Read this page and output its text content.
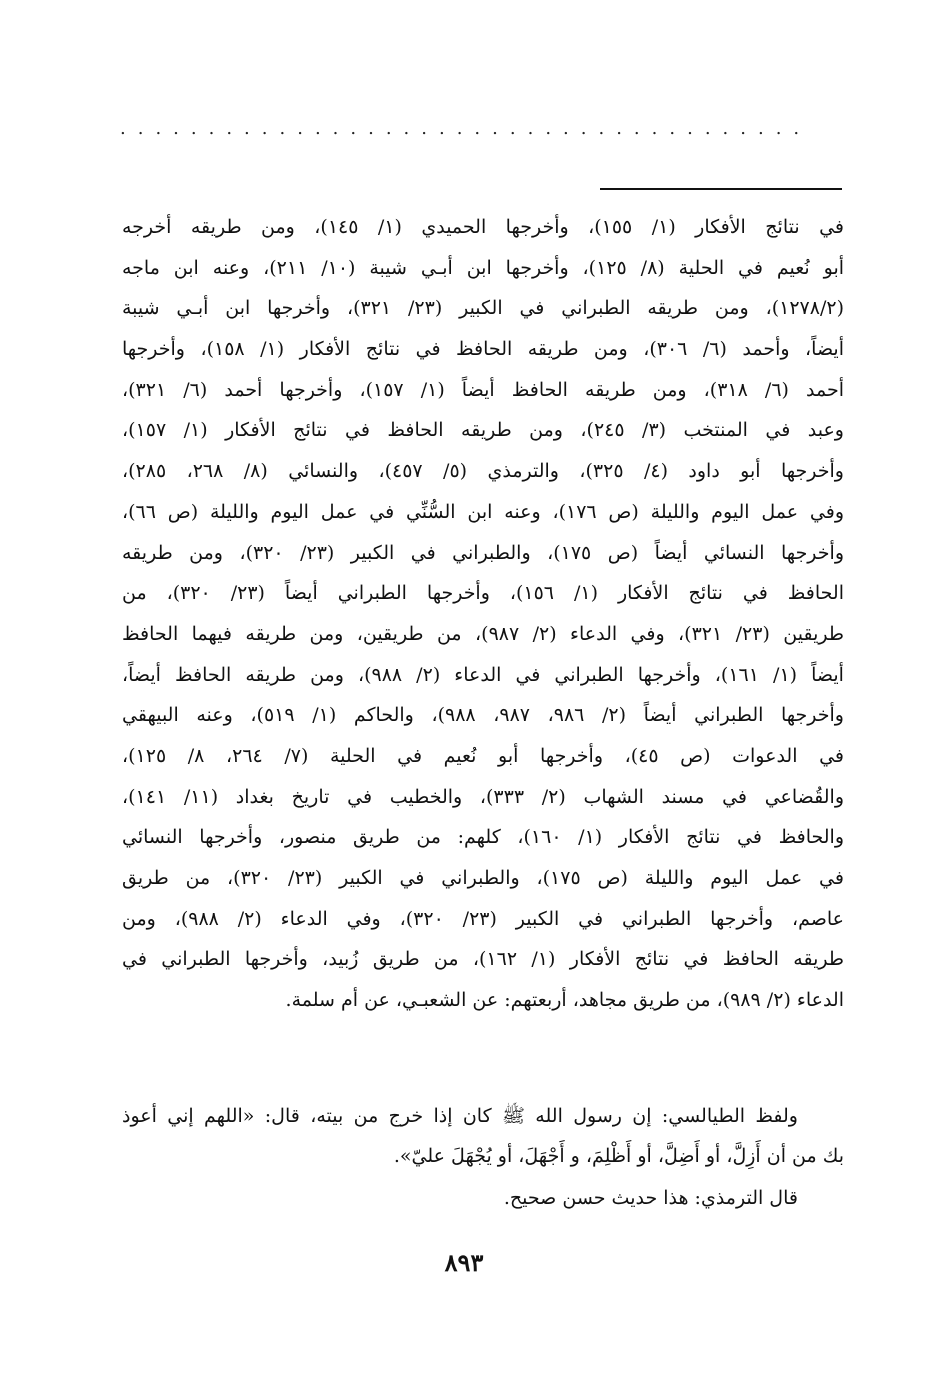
.......................................
في نتائج الأفكار (١/ ١٥٥)، وأخرجها الحميدي (١/ ١٤٥)، ومن طريقه أخرجه
أبو نُعيم في الحلية (٨/ ١٢٥)، وأخرجها ابن أبـي شيبة (١٠/ ٢١١)، وعنه ابن ماجه
(١٢٧٨/٢)، ومن طريقه الطبراني في الكبير (٢٣/ ٣٢١)، وأخرجها ابن أبـي شيبة
أيضاً، وأحمد (٦/ ٣٠٦)، ومن طريقه الحافظ في نتائج الأفكار (١/ ١٥٨)، وأخرجها
أحمد (٦/ ٣١٨)، ومن طريقه الحافظ أيضاً (١/ ١٥٧)، وأخرجها أحمد (٦/ ٣٢١)،
وعبد في المنتخب (٣/ ٢٤٥)، ومن طريقه الحافظ في نتائج الأفكار (١/ ١٥٧)،
وأخرجها أبو داود (٤/ ٣٢٥)، والترمذي (٥/ ٤٥٧)، والنسائي (٨/ ٢٦٨، ٢٨٥)،
وفي عمل اليوم والليلة (ص ١٧٦)، وعنه ابن السُّنِّي في عمل اليوم والليلة (ص ٦٦)،
وأخرجها النسائي أيضاً (ص ١٧٥)، والطبراني في الكبير (٢٣/ ٣٢٠)، ومن طريقه
الحافظ في نتائج الأفكار (١/ ١٥٦)، وأخرجها الطبراني أيضاً (٢٣/ ٣٢٠)، من
طريقين (٢٣/ ٣٢١)، وفي الدعاء (٢/ ٩٨٧)، من طريقين، ومن طريقه فيهما الحافظ
أيضاً (١/ ١٦١)، وأخرجها الطبراني في الدعاء (٢/ ٩٨٨)، ومن طريقه الحافظ أيضاً،
وأخرجها الطبراني أيضاً (٢/ ٩٨٦، ٩٨٧، ٩٨٨)، والحاكم (١/ ٥١٩)، وعنه البيهقي
في الدعوات (ص ٤٥)، وأخرجها أبو نُعيم في الحلية (٧/ ٢٦٤، ٨/ ١٢٥)،
والقُضاعي في مسند الشهاب (٢/ ٣٣٣)، والخطيب في تاريخ بغداد (١١/ ١٤١)،
والحافظ في نتائج الأفكار (١/ ١٦٠)، كلهم: من طريق منصور، وأخرجها النسائي
في عمل اليوم والليلة (ص ١٧٥)، والطبراني في الكبير (٢٣/ ٣٢٠)، من طريق
عاصم، وأخرجها الطبراني في الكبير (٢٣/ ٣٢٠)، وفي الدعاء (٢/ ٩٨٨)، ومن
طريقه الحافظ في نتائج الأفكار (١/ ١٦٢)، من طريق زُبيد، وأخرجها الطبراني في
الدعاء (٢/ ٩٨٩)، من طريق مجاهد، أربعتهم: عن الشعبـي، عن أم سلمة.
ولفظ الطيالسي: إن رسول الله ﷺ كان إذا خرج من بيته، قال: «اللهم إني أعوذ
بك من أن أَزِلَّ، أو أَضِلَّ، أو أَظْلِمَ، و أَجْهَلَ، أو يُجْهَلَ عليّ».
قال الترمذي: هذا حديث حسن صحيح.
٨٩٣
